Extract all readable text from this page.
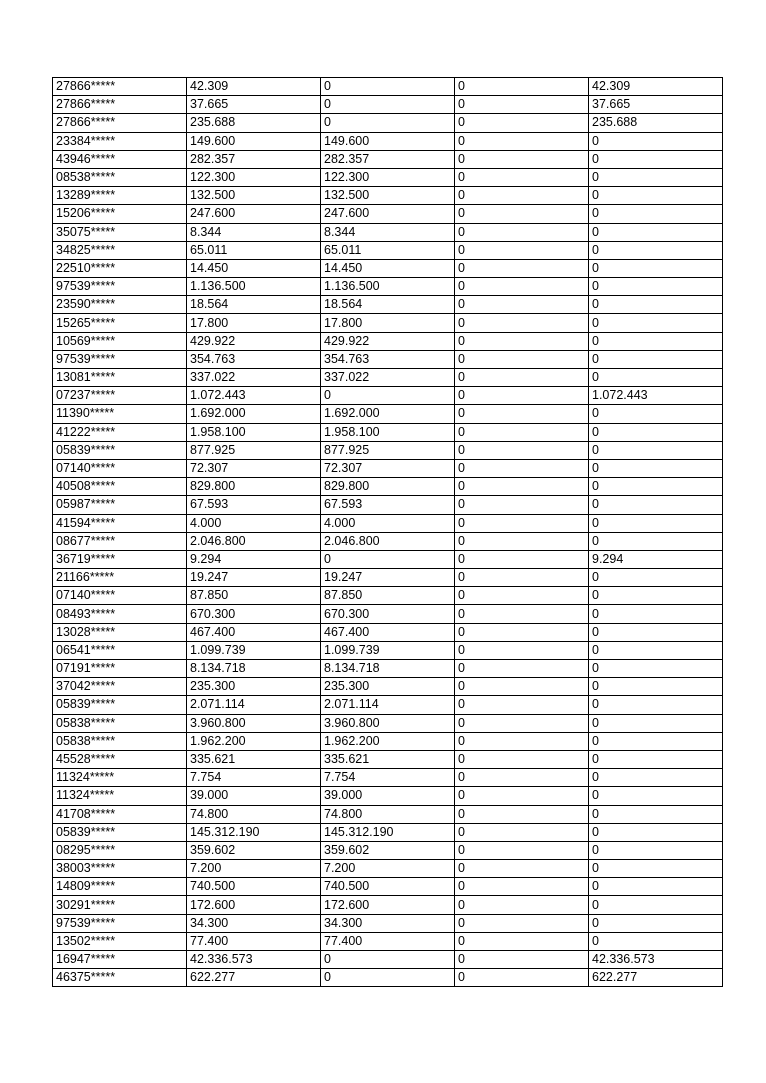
27866*****	42.309	0	0	42.309
27866*****	37.665	0	0	37.665
27866*****	235.688	0	0	235.688
23384*****	149.600	149.600	0	0
43946*****	282.357	282.357	0	0
08538*****	122.300	122.300	0	0
13289*****	132.500	132.500	0	0
15206*****	247.600	247.600	0	0
35075*****	8.344	8.344	0	0
34825*****	65.011	65.011	0	0
22510*****	14.450	14.450	0	0
97539*****	1.136.500	1.136.500	0	0
23590*****	18.564	18.564	0	0
15265*****	17.800	17.800	0	0
10569*****	429.922	429.922	0	0
97539*****	354.763	354.763	0	0
13081*****	337.022	337.022	0	0
07237*****	1.072.443	0	0	1.072.443
11390*****	1.692.000	1.692.000	0	0
41222*****	1.958.100	1.958.100	0	0
05839*****	877.925	877.925	0	0
07140*****	72.307	72.307	0	0
40508*****	829.800	829.800	0	0
05987*****	67.593	67.593	0	0
41594*****	4.000	4.000	0	0
08677*****	2.046.800	2.046.800	0	0
36719*****	9.294	0	0	9.294
21166*****	19.247	19.247	0	0
07140*****	87.850	87.850	0	0
08493*****	670.300	670.300	0	0
13028*****	467.400	467.400	0	0
06541*****	1.099.739	1.099.739	0	0
07191*****	8.134.718	8.134.718	0	0
37042*****	235.300	235.300	0	0
05839*****	2.071.114	2.071.114	0	0
05838*****	3.960.800	3.960.800	0	0
05838*****	1.962.200	1.962.200	0	0
45528*****	335.621	335.621	0	0
11324*****	7.754	7.754	0	0
11324*****	39.000	39.000	0	0
41708*****	74.800	74.800	0	0
05839*****	145.312.190	145.312.190	0	0
08295*****	359.602	359.602	0	0
38003*****	7.200	7.200	0	0
14809*****	740.500	740.500	0	0
30291*****	172.600	172.600	0	0
97539*****	34.300	34.300	0	0
13502*****	77.400	77.400	0	0
16947*****	42.336.573	0	0	42.336.573
46375*****	622.277	0	0	622.277
